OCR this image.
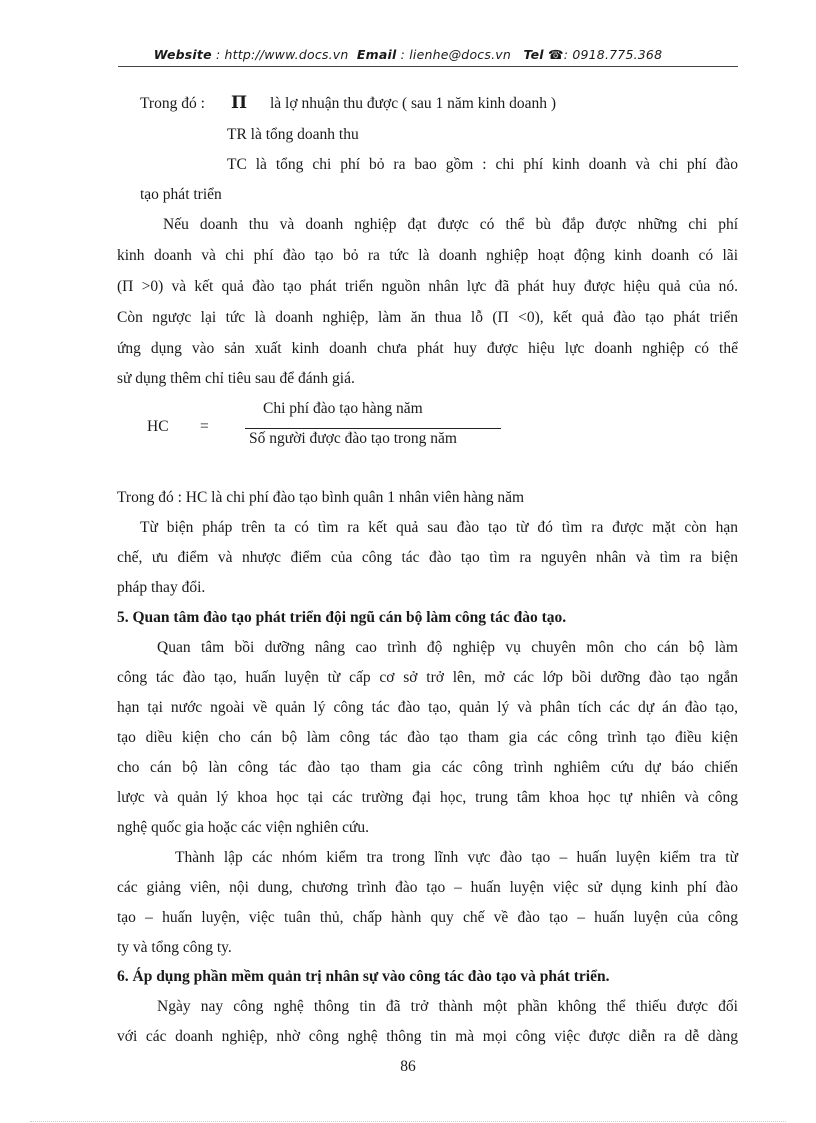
Website : http://www.docs.vn Email : lienhe@docs.vn Tel ☎: 0918.775.368
Trong đó : Π là lợ nhuận thu được ( sau 1 năm kinh doanh )
TR là tổng doanh thu
TC là tổng chi phí bỏ ra bao gồm : chi phí kinh doanh và chi phí đào
tạo phát triển
Nếu doanh thu và doanh nghiệp đạt được có thể bù đắp được những chi phí
kinh doanh và chi phí đào tạo bỏ ra tức là doanh nghiệp hoạt động kinh doanh có lãi
(Π >0) và kết quả đào tạo phát triển nguồn nhân lực đã phát huy được hiệu quả của nó.
Còn ngược lại tức là doanh nghiệp, làm ăn thua lỗ (Π <0), kết quả đào tạo phát triển
ứng dụng vào sản xuất kinh doanh chưa phát huy được hiệu lực doanh nghiệp có thể
sử dụng thêm chỉ tiêu sau để đánh giá.
HC =
Chi phí đào tạo hàng năm
Số người được đào tạo trong năm
Trong đó : HC là chi phí đào tạo bình quân 1 nhân viên hàng năm
Từ biện pháp trên ta có tìm ra kết quả sau đào tạo từ đó tìm ra được mặt còn hạn
chế, ưu điểm và nhược điểm của công tác đào tạo tìm ra nguyên nhân và tìm ra biện
pháp thay đổi.
5. Quan tâm đào tạo phát triển đội ngũ cán bộ làm công tác đào tạo.
Quan tâm bồi dưỡng nâng cao trình độ nghiệp vụ chuyên môn cho cán bộ làm
công tác đào tạo, huấn luyện từ cấp cơ sở trở lên, mở các lớp bồi dưỡng đào tạo ngắn
hạn tại nước ngoài về quản lý công tác đào tạo, quản lý và phân tích các dự án đào tạo,
tạo diều kiện cho cán bộ làm công tác đào tạo tham gia các công trình tạo điều kiện
cho cán bộ làn công tác đào tạo tham gia các công trình nghiêm cứu dự báo chiến
lược và quản lý khoa học tại các trường đại học, trung tâm khoa học tự nhiên và công
nghệ quốc gia hoặc các viện nghiên cứu.
Thành lập các nhóm kiểm tra trong lĩnh vực đào tạo – huấn luyện kiểm tra từ
các giảng viên, nội dung, chương trình đào tạo – huấn luyện việc sử dụng kinh phí đào
tạo – huấn luyện, việc tuân thủ, chấp hành quy chế về đào tạo – huấn luyện của công
ty và tổng công ty.
6. Áp dụng phần mềm quản trị nhân sự vào công tác đào tạo và phát triển.
Ngày nay công nghệ thông tin đã trở thành một phần không thể thiếu được đối
với các doanh nghiệp, nhờ công nghệ thông tin mà mọi công việc được diễn ra dễ dàng
86
